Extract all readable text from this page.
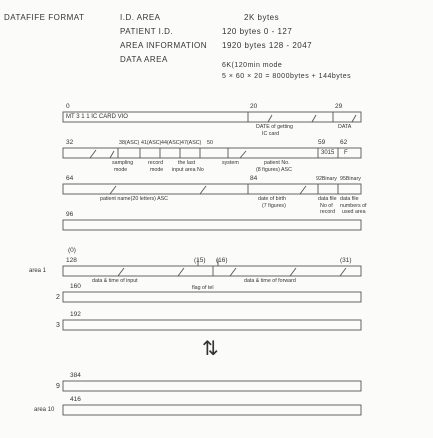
DATAFIFE FORMAT	I.D. AREA	2K bytes
PATIENT I.D.	120 bytes 0 - 127
AREA INFORMATION 1920 bytes 128 - 2047
DATA AREA
6K(120min mode
5 × 60 × 20 = 8000bytes + 144bytes
0	20	29
MT 3 1 1 IC CARD VIO
DATE of getting
IC card
DATA
32	38(ASC) 41(ASC) 44(ASC) 47(ASC) 50	59 62
3015 F
sampling
mode
record
mode
the last
input area No
system	patient No.
(8 figures) ASC
64	84	92Binary 95Binary
patient name(20 letters) ASC	date of birth
(7 figures)
data file
No of
record
data file
numbers of
used area
96
(0)
128	(15) (16)	(31)
area 1
data & time of input
flag of tel
data & time of forward
160
2
192
3
⇅
384
9
416
area 10
